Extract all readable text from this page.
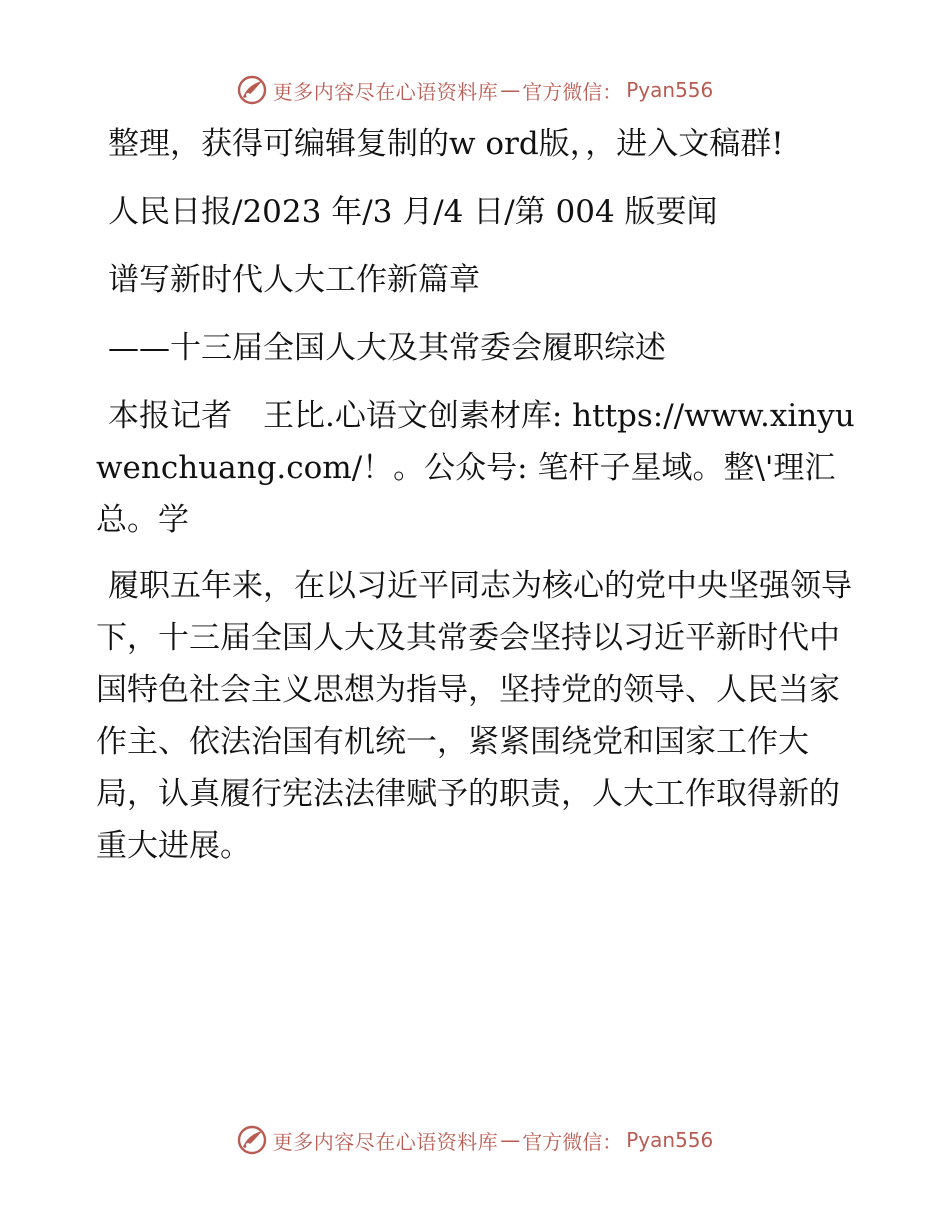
更多内容尽在心语资料库 — 官方微信： Pyan556

整理，获得可编辑复制的w ord版，，进入文稿群!

人民日报/2023 年/3 月/4 日/第 004 版要闻

谱写新时代人大工作新篇章

——十三届全国人大及其常委会履职综述

本报记者　王比.心语文创素材库: https://www.xinyuwenchuang.com/！。公众号: 笔杆子星域。整\'理汇总。学

履职五年来，在以习近平同志为核心的党中央坚强领导下，十三届全国人大及其常委会坚持以习近平新时代中国特色社会主义思想为指导，坚持党的领导、人民当家作主、依法治国有机统一，紧紧围绕党和国家工作大局，认真履行宪法法律赋予的职责，人大工作取得新的重大进展。

更多内容尽在心语资料库 — 官方微信： Pyan556
